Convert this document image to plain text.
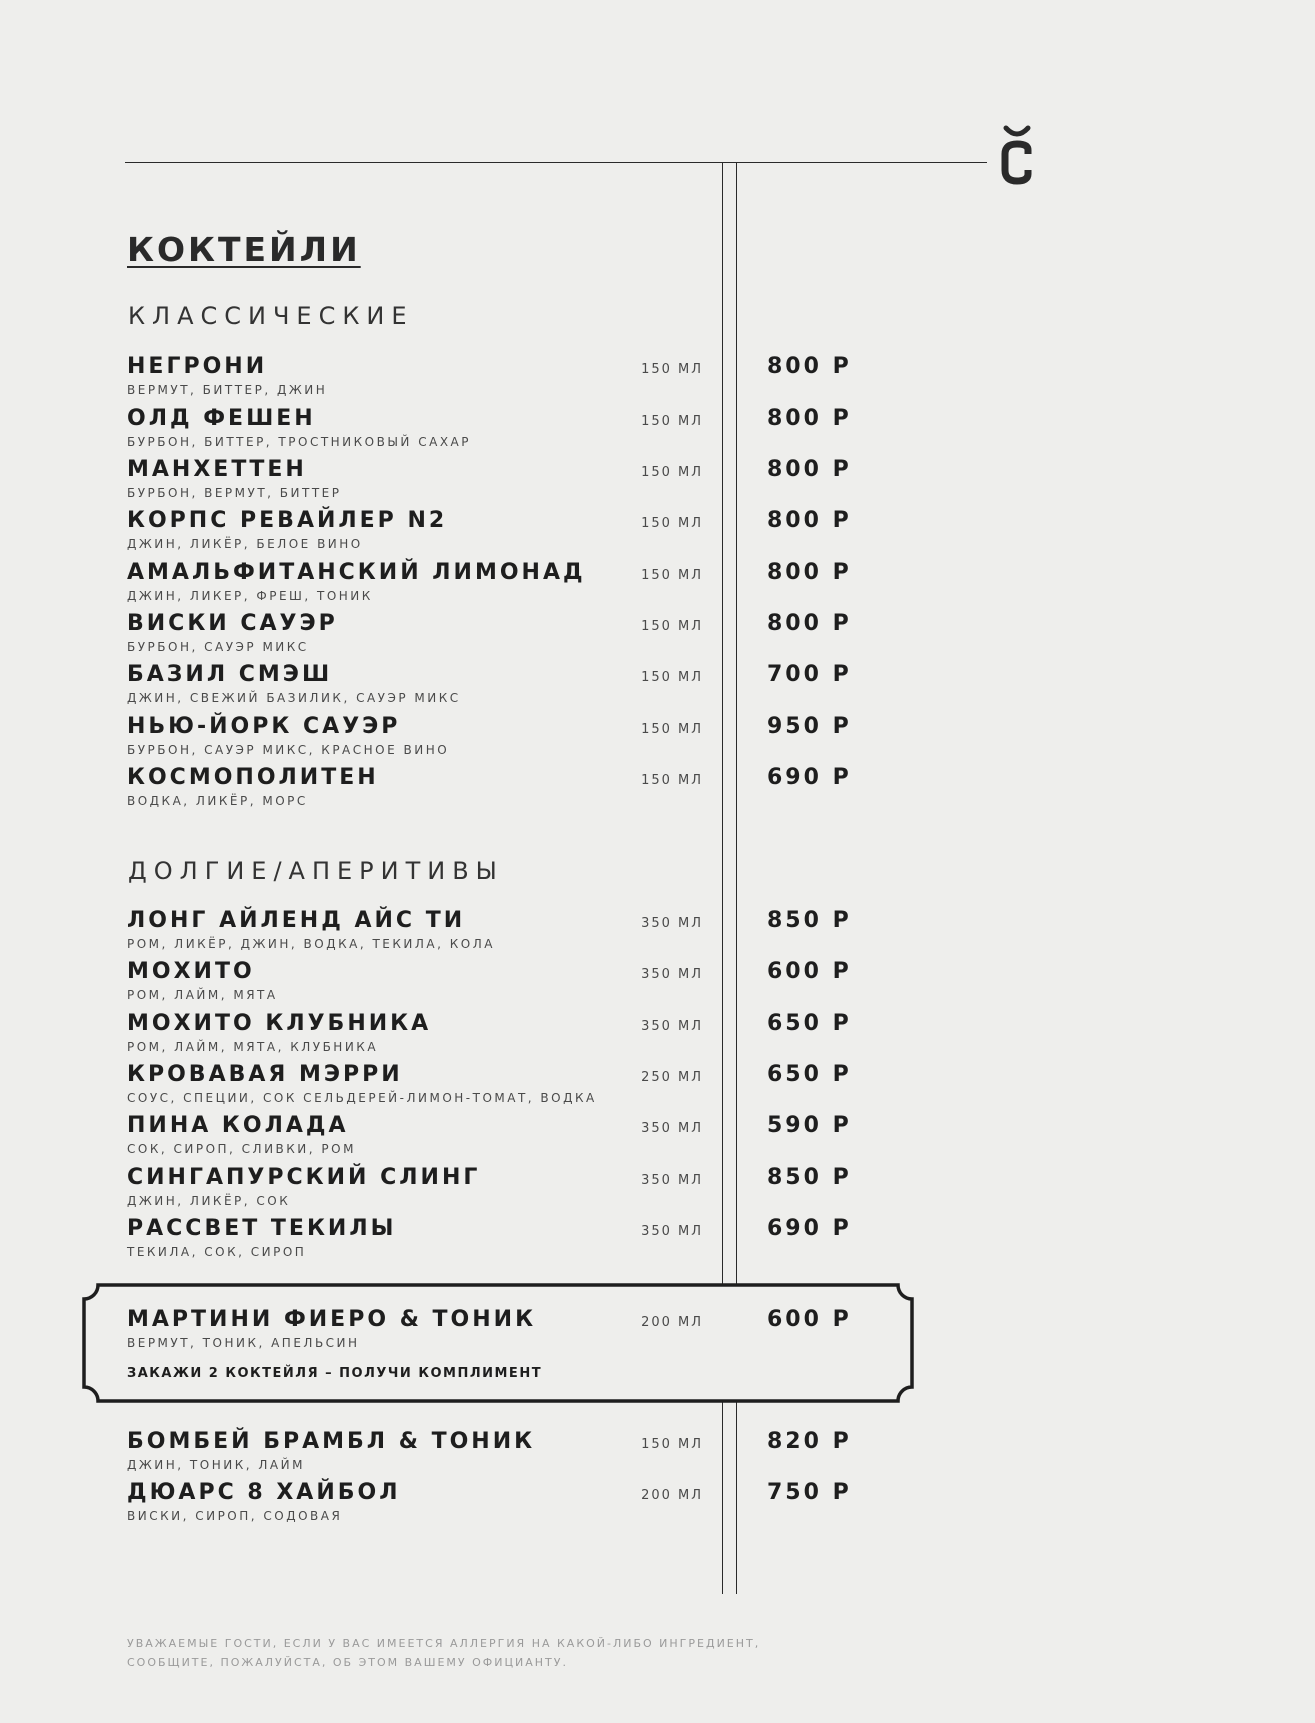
КОКТЕЙЛИ
КЛАССИЧЕСКИЕ
НЕГРОНИ
ВЕРМУТ, БИТТЕР, ДЖИН
150 МЛ	800 Р
ОЛД ФЕШЕН
БУРБОН, БИТТЕР, ТРОСТНИКОВЫЙ САХАР
150 МЛ	800 Р
МАНХЕТТЕН
БУРБОН, ВЕРМУТ, БИТТЕР
150 МЛ	800 Р
КОРПС РЕВАЙЛЕР N2
ДЖИН, ЛИКЁР, БЕЛОЕ ВИНО
150 МЛ	800 Р
АМАЛЬФИТАНСКИЙ ЛИМОНАД
ДЖИН, ЛИКЕР, ФРЕШ, ТОНИК
150 МЛ	800 Р
ВИСКИ САУЭР
БУРБОН, САУЭР МИКС
150 МЛ	800 Р
БАЗИЛ СМЭШ
ДЖИН, СВЕЖИЙ БАЗИЛИК, САУЭР МИКС
150 МЛ	700 Р
НЬЮ-ЙОРК САУЭР
БУРБОН, САУЭР МИКС, КРАСНОЕ ВИНО
150 МЛ	950 Р
КОСМОПОЛИТЕН
ВОДКА, ЛИКЁР, МОРС
150 МЛ	690 Р
ДОЛГИЕ/АПЕРИТИВЫ
ЛОНГ АЙЛЕНД АЙС ТИ
РОМ, ЛИКЁР, ДЖИН, ВОДКА, ТЕКИЛА, КОЛА
350 МЛ	850 Р
МОХИТО
РОМ, ЛАЙМ, МЯТА
350 МЛ	600 Р
МОХИТО КЛУБНИКА
РОМ, ЛАЙМ, МЯТА, КЛУБНИКА
350 МЛ	650 Р
КРОВАВАЯ МЭРРИ
СОУС, СПЕЦИИ, СОК СЕЛЬДЕРЕЙ-ЛИМОН-ТОМАТ, ВОДКА
250 МЛ	650 Р
ПИНА КОЛАДА
СОК, СИРОП, СЛИВКИ, РОМ
350 МЛ	590 Р
СИНГАПУРСКИЙ СЛИНГ
ДЖИН, ЛИКЁР, СОК
350 МЛ	850 Р
РАССВЕТ ТЕКИЛЫ
ТЕКИЛА, СОК, СИРОП
350 МЛ	690 Р
МАРТИНИ ФИЕРО & ТОНИК
ВЕРМУТ, ТОНИК, АПЕЛЬСИН
200 МЛ	600 Р
ЗАКАЖИ 2 КОКТЕЙЛЯ – ПОЛУЧИ КОМПЛИМЕНТ
БОМБЕЙ БРАМБЛ & ТОНИК
ДЖИН, ТОНИК, ЛАЙМ
150 МЛ	820 Р
ДЮАРС 8 ХАЙБОЛ
ВИСКИ, СИРОП, СОДОВАЯ
200 МЛ	750 Р
УВАЖАЕМЫЕ ГОСТИ, ЕСЛИ У ВАС ИМЕЕТСЯ АЛЛЕРГИЯ НА КАКОЙ-ЛИБО ИНГРЕДИЕНТ,
СООБЩИТЕ, ПОЖАЛУЙСТА, ОБ ЭТОМ ВАШЕМУ ОФИЦИАНТУ.
